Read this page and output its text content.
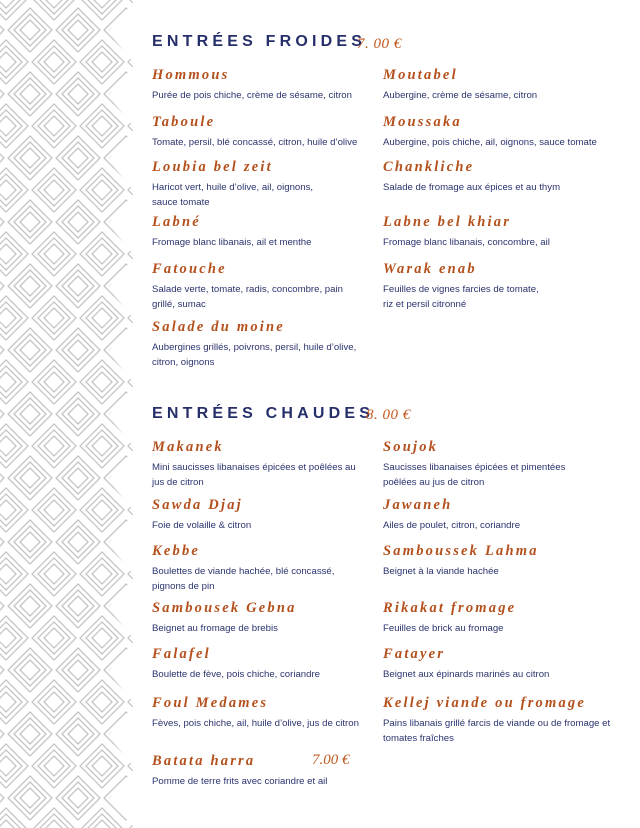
ENTRÉES FROIDES
7. 00 €
Hommous
Purée de pois chiche, crème de sésame, citron
Moutabel
Aubergine, crème de sésame, citron
Taboule
Tomate, persil, blé concassé, citron, huile d’olive
Moussaka
Aubergine, pois chiche, ail, oignons, sauce tomate
Loubia bel zeit
Haricot vert, huile d’olive, ail, oignons,
sauce tomate
Chankliche
Salade de fromage aux épices et au thym
Labné
Fromage blanc libanais, ail et menthe
Labne bel khiar
Fromage blanc libanais, concombre, ail
Fatouche
Salade verte, tomate, radis, concombre, pain
grillé, sumac
Warak enab
Feuilles de vignes farcies de tomate,
riz et persil citronné
Salade du moine
Aubergines grillés, poivrons, persil, huile d’olive,
citron, oignons
ENTRÉES CHAUDES
8. 00 €
Makanek
Mini saucisses libanaises épicées et poêlées au
jus de citron
Soujok
Saucisses libanaises épicées et pimentées
poêlées au jus de citron
Sawda Djaj
Foie de volaille & citron
Jawaneh
Ailes de poulet, citron, coriandre
Kebbe
Boulettes de viande hachée, blé concassé,
pignons de pin
Samboussek Lahma
Beignet à la viande hachée
Sambousek Gebna
Beignet au fromage de brebis
Rikakat fromage
Feuilles de brick au fromage
Falafel
Boulette de fève, pois chiche, coriandre
Fatayer
Beignet aux épinards marinés au citron
Foul Medames
Fèves, pois chiche, ail, huile d’olive, jus de citron
Kellej viande ou fromage
Pains libanais grillé farcis de viande ou de fromage et
tomates fraîches
Batata harra	7.00 €
Pomme de terre frits avec coriandre et ail
